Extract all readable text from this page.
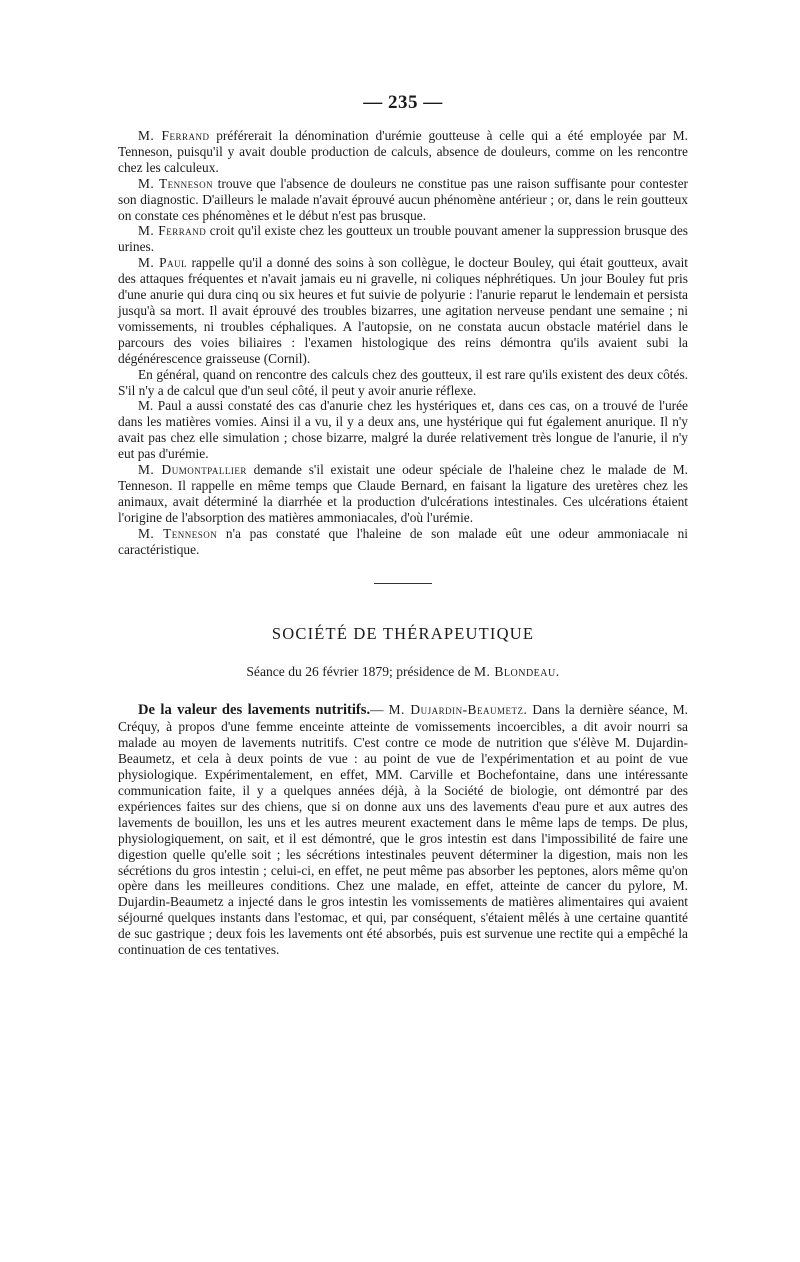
— 235 —

M. Ferrand préférerait la dénomination d'urémie goutteuse à celle qui a été employée par M. Tenneson, puisqu'il y avait double production de calculs, absence de douleurs, comme on les rencontre chez les calculeux.

M. Tenneson trouve que l'absence de douleurs ne constitue pas une raison suffisante pour contester son diagnostic. D'ailleurs le malade n'avait éprouvé aucun phénomène antérieur ; or, dans le rein goutteux on constate ces phénomènes et le début n'est pas brusque.

M. Ferrand croit qu'il existe chez les goutteux un trouble pouvant amener la suppression brusque des urines.

M. Paul rappelle qu'il a donné des soins à son collègue, le docteur Bouley, qui était goutteux, avait des attaques fréquentes et n'avait jamais eu ni gravelle, ni coliques néphrétiques. Un jour Bouley fut pris d'une anurie qui dura cinq ou six heures et fut suivie de polyurie : l'anurie reparut le lendemain et persista jusqu'à sa mort. Il avait éprouvé des troubles bizarres, une agitation nerveuse pendant une semaine ; ni vomissements, ni troubles céphaliques. A l'autopsie, on ne constata aucun obstacle matériel dans le parcours des voies biliaires : l'examen histologique des reins démontra qu'ils avaient subi la dégénérescence graisseuse (Cornil).

En général, quand on rencontre des calculs chez des goutteux, il est rare qu'ils existent des deux côtés. S'il n'y a de calcul que d'un seul côté, il peut y avoir anurie réflexe.

M. Paul a aussi constaté des cas d'anurie chez les hystériques et, dans ces cas, on a trouvé de l'urée dans les matières vomies. Ainsi il a vu, il y a deux ans, une hystérique qui fut également anurique. Il n'y avait pas chez elle simulation ; chose bizarre, malgré la durée relativement très longue de l'anurie, il n'y eut pas d'urémie.

M. Dumontpallier demande s'il existait une odeur spéciale de l'haleine chez le malade de M. Tenneson. Il rappelle en même temps que Claude Bernard, en faisant la ligature des uretères chez les animaux, avait déterminé la diarrhée et la production d'ulcérations intestinales. Ces ulcérations étaient l'origine de l'absorption des matières ammoniacales, d'où l'urémie.

M. Tenneson n'a pas constaté que l'haleine de son malade eût une odeur ammoniacale ni caractéristique.

SOCIÉTÉ DE THÉRAPEUTIQUE
Séance du 26 février 1879; présidence de M. Blondeau.

De la valeur des lavements nutritifs.— M. Dujardin-Beaumetz. Dans la dernière séance, M. Créquy, à propos d'une femme enceinte atteinte de vomissements incoercibles, a dit avoir nourri sa malade au moyen de lavements nutritifs. C'est contre ce mode de nutrition que s'élève M. Dujardin-Beaumetz, et cela à deux points de vue : au point de vue de l'expérimentation et au point de vue physiologique. Expérimentalement, en effet, MM. Carville et Bochefontaine, dans une intéressante communication faite, il y a quelques années déjà, à la Société de biologie, ont démontré par des expériences faites sur des chiens, que si on donne aux uns des lavements d'eau pure et aux autres des lavements de bouillon, les uns et les autres meurent exactement dans le même laps de temps. De plus, physiologiquement, on sait, et il est démontré, que le gros intestin est dans l'impossibilité de faire une digestion quelle qu'elle soit ; les sécrétions intestinales peuvent déterminer la digestion, mais non les sécrétions du gros intestin ; celui-ci, en effet, ne peut même pas absorber les peptones, alors même qu'on opère dans les meilleures conditions. Chez une malade, en effet, atteinte de cancer du pylore, M. Dujardin-Beaumetz a injecté dans le gros intestin les vomissements de matières alimentaires qui avaient séjourné quelques instants dans l'estomac, et qui, par conséquent, s'étaient mêlés à une certaine quantité de suc gastrique ; deux fois les lavements ont été absorbés, puis est survenue une rectite qui a empêché la continuation de ces tentatives.
